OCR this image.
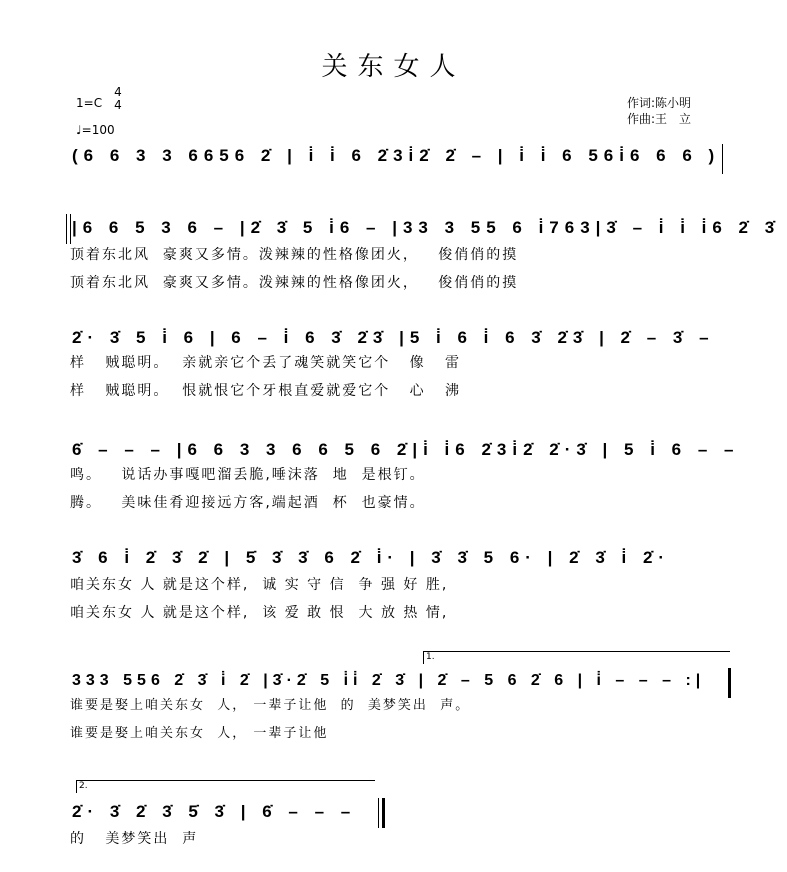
关东女人
1=C
4
4
♩=100
作词:陈小明
作曲:王　立
(6 6 3 3 6656 2̇ | i̇ i̇ 6 2̇3i̇2̇ 2̇ – | i̇ i̇ 6 56i̇6 6 6 )
|6 6 5 3 6 – |2̇ 3̇ 5 i̇6 – |33 3 55 6 i̇763|3̇ – i̇ i̇ i̇6 2̇ 3̇
顶着东北风  豪爽又多情。泼辣辣的性格像团火，   俊俏俏的摸
顶着东北风  豪爽又多情。泼辣辣的性格像团火，   俊俏俏的摸
2̇· 3̇ 5 i̇ 6 | 6 – i̇ 6 3̇ 2̇3̇ |5 i̇ 6 i̇ 6 3̇ 2̇3̇ | 2̇ – 3̇ –
样   贼聪明。  亲就亲它个丢了魂笑就笑它个   像   雷
样   贼聪明。  恨就恨它个牙根直爱就爱它个   心   沸
6̇ – – – |6 6 3 3 6 6 5 6 2̇|i̇ i̇6 2̇3i̇2̇ 2̇·3̇ | 5 i̇ 6 – –
鸣。   说话办事嘎吧溜丢脆,唾沫落  地  是根钉。
腾。   美味佳肴迎接远方客,端起酒  杯  也豪情。
3̇ 6 i̇ 2̇ 3̇ 2̇ | 5̇ 3̇ 3̇ 6 2̇ i̇· | 3̇ 3̇ 5 6· | 2̇ 3̇ i̇ 2̇·
咱关东女 人 就是这个样,  诚 实 守 信  争 强 好 胜,
咱关东女 人 就是这个样,  该 爱 敢 恨  大 放 热 情,
1.
333 556 2̇ 3̇ i̇ 2̇ |3̇·2̇ 5 i̇i̇ 2̇ 3̇ | 2̇ – 5 6 2̇ 6 | i̇ – – – :|
谁要是娶上咱关东女  人， 一辈子让他  的  美梦笑出  声。
谁要是娶上咱关东女  人， 一辈子让他
2.
2̇· 3̇ 2̇ 3̇ 5̇ 3̇ | 6̇ – – –
的   美梦笑出  声
